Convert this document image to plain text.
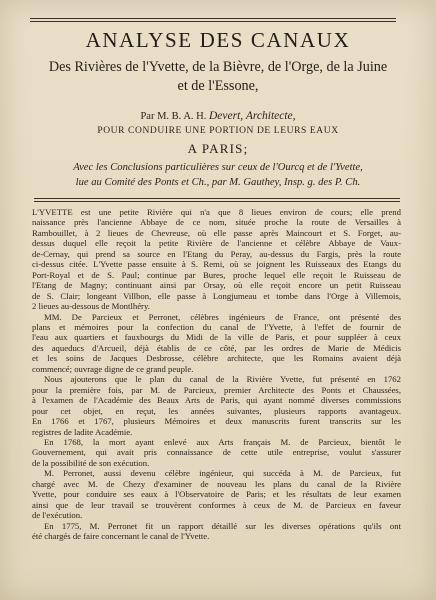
ANALYSE DES CANAUX
Des Rivières de l'Yvette, de la Bièvre, de l'Orge, de la Juine
et de l'Essone,
Par M. B. A. H. Devert, Architecte,
POUR CONDUIRE UNE PORTION DE LEURS EAUX
A PARIS;
Avec les Conclusions particulières sur ceux de l'Ourcq et de l'Yvette,
lue au Comité des Ponts et Ch., par M. Gauthey, Insp. g. des P. Ch.

L'YVETTE est une petite Rivière qui n'a que 8 lieues environ de cours; elle prend
naissance près l'ancienne Abbaye de ce nom, située proche la route de Versailles à
Rambouillet, à 2 lieues de Chevreuse, où elle passe après Maincourt et S. Forget, au-
dessus duquel elle reçoit la petite Rivière de l'ancienne et célèbre Abbaye de Vaux-
de-Cernay, qui prend sa source en l'Etang du Peray, au-dessus du Fargis, près la route
ci-dessus citée. L'Yvette passe ensuite à S. Remi, où se joignent les Ruisseaux des Etangs du
Port-Royal et de S. Paul; continue par Bures, proche lequel elle reçoit le Ruisseau de
l'Etang de Magny; continuant ainsi par Orsay, où elle reçoit encore un petit Ruisseau
de S. Clair; longeant Villbon, elle passe à Longjumeau et tombe dans l'Orge à Villemois,
2 lieues au-dessous de Montlhéry.

MM. De Parcieux et Perronet, célèbres ingénieurs de France, ont présenté des
plans et mémoires pour la confection du canal de l'Yvette, à l'effet de fournir de
l'eau aux quartiers et fauxbourgs du Midi de la ville de Paris, et pour suppléer à ceux
des aqueducs d'Arcueil, déjà établis de ce côté, par les ordres de Marie de Médicis
et les soins de Jacques Desbrosse, célèbre architecte, que les Romains avaient déjà
commencé; ouvrage digne de ce grand peuple.

Nous ajouterons que le plan du canal de la Rivière Yvette, fut présenté en 1762
pour la première fois, par M. de Parcieux, premier Architecte des Ponts et Chaussées,
à l'examen de l'Académie des Beaux Arts de Paris, qui ayant nommé diverses commissions
pour cet objet, en reçut, les années suivantes, plusieurs rapports avantageux.
En 1766 et 1767, plusieurs Mémoires et deux manuscrits furent transcrits sur les
registres de ladite Académie.

En 1768, la mort ayant enlevé aux Arts français M. de Parcieux, bientôt le
Gouvernement, qui avait pris connaissance de cette utile entreprise, voulut s'assurer
de la possibilité de son exécution.

M. Perronet, aussi devenu célèbre ingénieur, qui succéda à M. de Parcieux, fut
chargé avec M. de Chezy d'examiner de nouveau les plans du canal de la Rivière
Yvette, pour conduire ses eaux à l'Observatoire de Paris; et les résultats de leur examen
ainsi que de leur travail se trouvèrent conformes à ceux de M. de Parcieux en faveur
de l'exécution.

En 1775, M. Perronet fit un rapport détaillé sur les diverses opérations qu'ils ont
été chargés de faire concernant le canal de l'Yvette.
